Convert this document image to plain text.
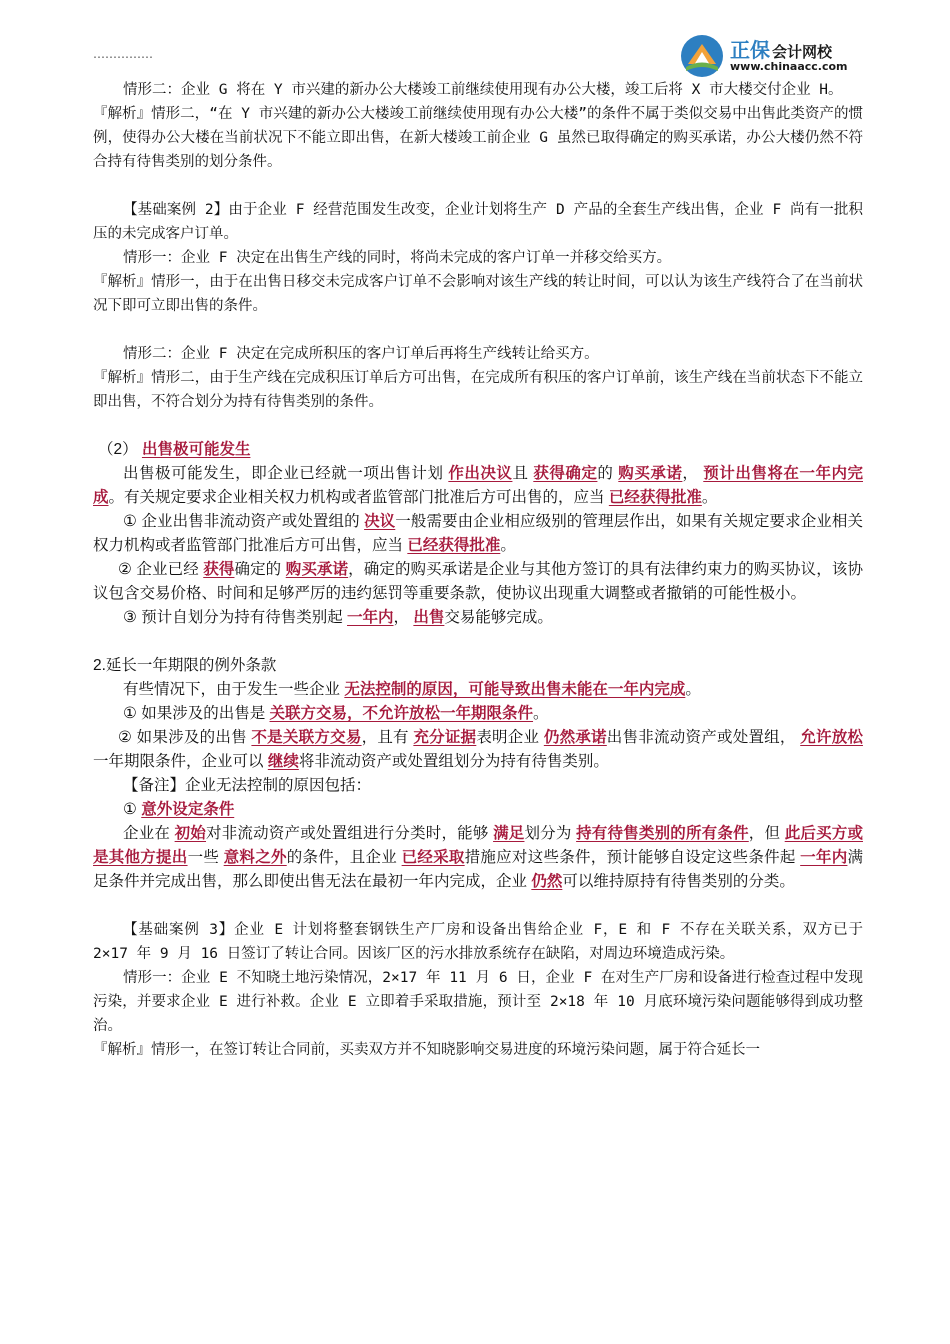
……………	正保 会计网校
www.chinaacc.com

情形二：企业 G 将在 Y 市兴建的新办公大楼竣工前继续使用现有办公大楼，竣工后将 X 市大楼交付企业 H。

『解析』情形二，“在 Y 市兴建的新办公大楼竣工前继续使用现有办公大楼”的条件不属于类似交易中出售此类资产的惯例，使得办公大楼在当前状况下不能立即出售，在新大楼竣工前企业 G 虽然已取得确定的购买承诺，办公大楼仍然不符合持有待售类别的划分条件。

【基础案例 2】由于企业 F 经营范围发生改变，企业计划将生产 D 产品的全套生产线出售，企业 F 尚有一批积压的未完成客户订单。

情形一：企业 F 决定在出售生产线的同时，将尚未完成的客户订单一并移交给买方。

『解析』情形一，由于在出售日移交未完成客户订单不会影响对该生产线的转让时间，可以认为该生产线符合了在当前状况下即可立即出售的条件。

情形二：企业 F 决定在完成所积压的客户订单后再将生产线转让给买方。

『解析』情形二，由于生产线在完成积压订单后方可出售，在完成所有积压的客户订单前，该生产线在当前状态下不能立即出售，不符合划分为持有待售类别的条件。

（2） 出售极可能发生

出售极可能发生，即企业已经就一项出售计划 作出决议且 获得确定的 购买承诺， 预计出售将在一年内完成。有关规定要求企业相关权力机构或者监管部门批准后方可出售的，应当 已经获得批准。

① 企业出售非流动资产或处置组的 决议一般需要由企业相应级别的管理层作出，如果有关规定要求企业相关权力机构或者监管部门批准后方可出售，应当 已经获得批准。

② 企业已经 获得确定的 购买承诺，确定的购买承诺是企业与其他方签订的具有法律约束力的购买协议，该协议包含交易价格、时间和足够严厉的违约惩罚等重要条款，使协议出现重大调整或者撤销的可能性极小。

③ 预计自划分为持有待售类别起 一年内， 出售交易能够完成。

2.延长一年期限的例外条款

有些情况下，由于发生一些企业 无法控制的原因，可能导致出售未能在一年内完成。

① 如果涉及的出售是 关联方交易，不允许放松一年期限条件。

② 如果涉及的出售 不是关联方交易，且有 充分证据表明企业 仍然承诺出售非流动资产或处置组， 允许放松一年期限条件，企业可以 继续将非流动资产或处置组划分为持有待售类别。

【备注】企业无法控制的原因包括：

① 意外设定条件

企业在 初始对非流动资产或处置组进行分类时，能够 满足划分为 持有待售类别的所有条件，但 此后买方或是其他方提出一些 意料之外的条件，且企业 已经采取措施应对这些条件，预计能够自设定这些条件起 一年内满足条件并完成出售，那么即使出售无法在最初一年内完成，企业 仍然可以维持原持有待售类别的分类。

【基础案例 3】企业 E 计划将整套钢铁生产厂房和设备出售给企业 F，E 和 F 不存在关联关系，双方已于 2×17 年 9 月 16 日签订了转让合同。因该厂区的污水排放系统存在缺陷，对周边环境造成污染。

情形一：企业 E 不知晓土地污染情况，2×17 年 11 月 6 日，企业 F 在对生产厂房和设备进行检查过程中发现污染，并要求企业 E 进行补救。企业 E 立即着手采取措施，预计至 2×18 年 10 月底环境污染问题能够得到成功整治。

『解析』情形一，在签订转让合同前，买卖双方并不知晓影响交易进度的环境污染问题，属于符合延长一
